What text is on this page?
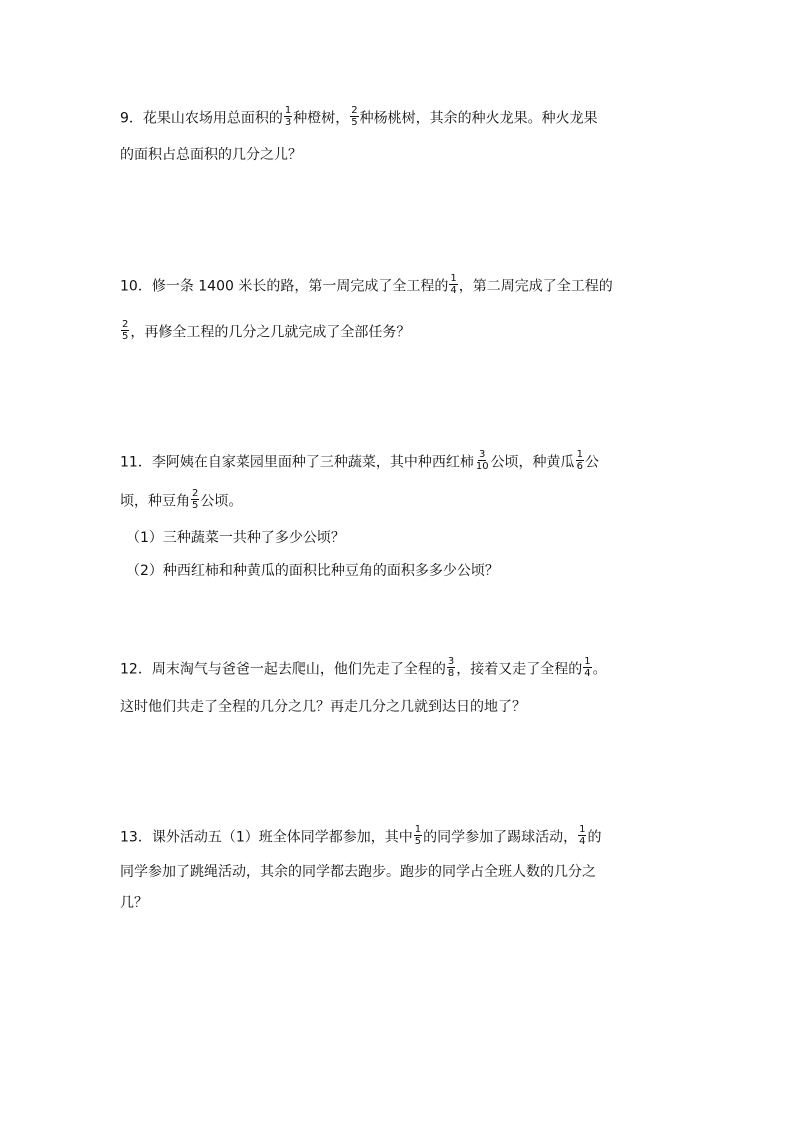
9．花果山农场用总面积的 $\frac{1}{3}$ 种橙树， $\frac{2}{5}$ 种杨桃树，其余的种火龙果。种火龙果
的面积占总面积的几分之儿？
10．修一条 1400 米长的路，第一周完成了全工程的 $\frac{1}{4}$ ，第二周完成了全工程的
$\frac{2}{5}$ ，再修全工程的几分之几就完成了全部任务？
11．李阿姨在自家菜园里面种了三种蔬菜，其中种西红柿 $\frac{3}{10}$ 公顷，种黄瓜 $\frac{1}{6}$ 公
顷，种豆角 $\frac{2}{5}$ 公顷。
（1）三种蔬菜一共种了多少公顷？
（2）种西红柿和种黄瓜的面积比种豆角的面积多多少公顷？
12．周末淘气与爸爸一起去爬山，他们先走了全程的 $\frac{3}{8}$ ，接着又走了全程的 $\frac{1}{4}$ 。
这时他们共走了全程的几分之几？再走几分之几就到达日的地了？
13．课外活动五（1）班全体同学都参加，其中 $\frac{1}{5}$ 的同学参加了踢球活动， $\frac{1}{4}$ 的
同学参加了跳绳活动，其余的同学都去跑步。跑步的同学占全班人数的几分之
几？
